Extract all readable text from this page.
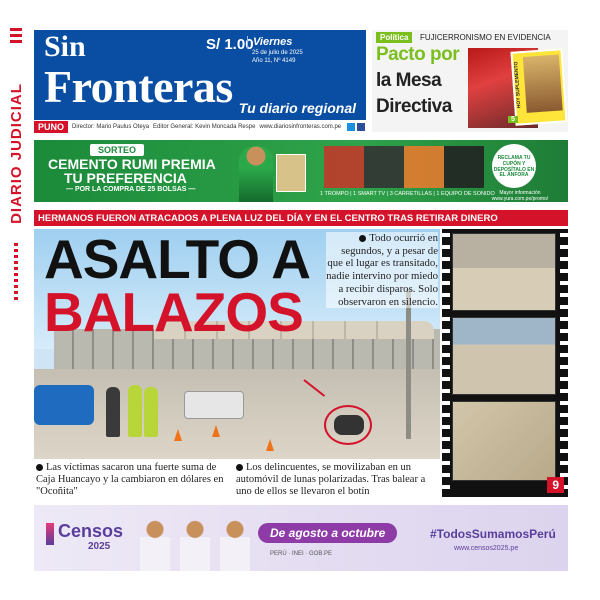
DIARIO JUDICIAL
Sin
Fronteras
S/ 1.00 Viernes
25 de julio de 2025
Año 11, Nº 4149
Tu diario regional
PUNO	Director: Mario Paulus Oteya Editor General: Kevin Moncada Respe www.diariosinfronteras.com.pe
HOY SUPLEMENTO
Política	FUJICERRONISMO EN EVIDENCIA
Pacto por
la Mesa
Directiva
5
SORTEO
CEMENTO RUMI PREMIA
TU PREFERENCIA
— POR LA COMPRA DE 25 BOLSAS —
1 TROMPO | 1 SMART TV | 3 CARRETILLAS | 1 EQUIPO DE SONIDO
RECLAMA TU CUPÓN Y DEPOSÍTALO EN EL ÁNFORA
Mayor información www.yura.com.pe/promo/
HERMANOS FUERON ATRACADOS A PLENA LUZ DEL DÍA Y EN EL CENTRO TRAS RETIRAR DINERO
ASALTO A
BALAZOS
Todo ocurrió en segundos, y a pesar de que el lugar es transitado, nadie intervino por miedo a recibir disparos. Solo observaron en silencio.
Las víctimas sacaron una fuerte suma de Caja Huancayo y la cambiaron en dólares en "Ocoñita"
Los delincuentes, se movilizaban en un automóvil de lunas polarizadas. Tras balear a uno de ellos se llevaron el botín	9
Censos
2025
De agosto a octubre
PERÚ · INEI · GOB.PE
#TodosSumamosPerú
www.censos2025.pe
